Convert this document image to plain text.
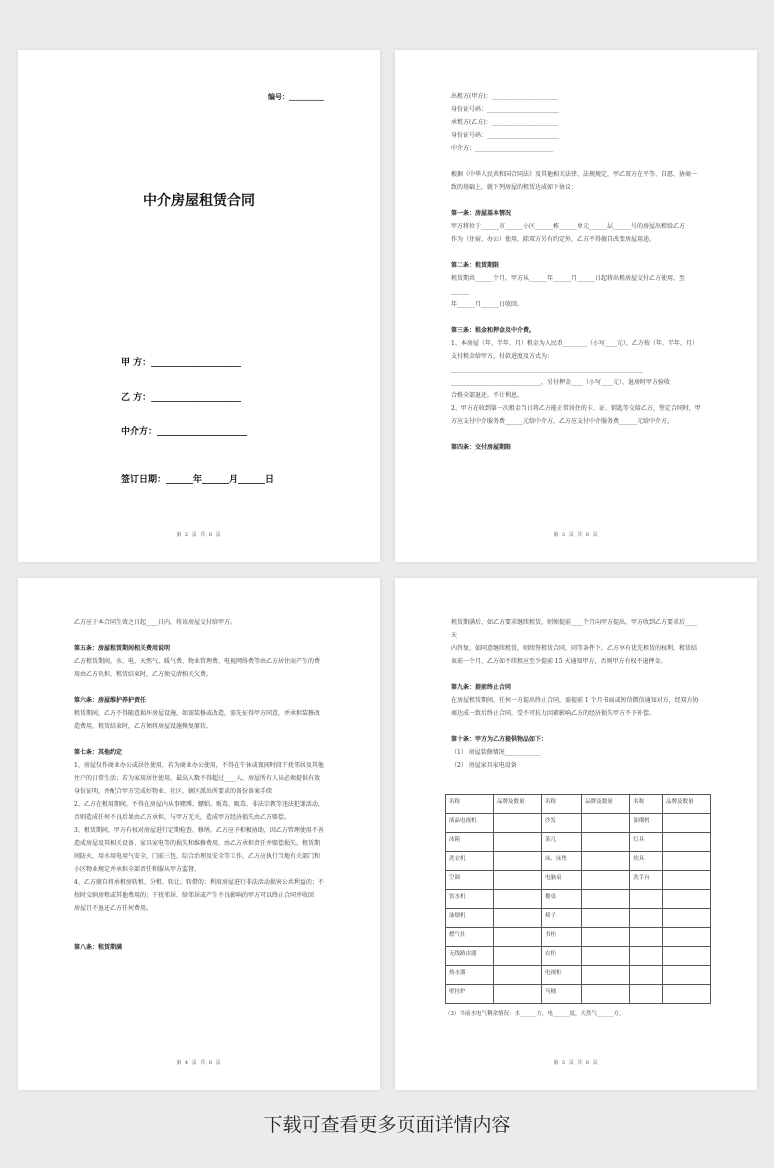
编号：__________
中介房屋租赁合同
甲 方：____________________
乙 方：____________________
中介方：____________________
签订日期：______年______月______日
第 2 页 共 6 页
出租方(甲方)：______________________
身份证号码：________________________
承租方(乙方)：______________________
身份证号码：________________________
中介方：__________________________
根据《中华人民共和国合同法》及其他相关法律、法规规定，甲乙双方在平等、自愿、协商一
致的基础上，就下列房屋的租赁达成如下协议：
第一条：房屋基本情况
甲方将位于______市______小区______栋______单元______层______号的房屋出租给乙方
作为（住宿、办公）使用，除双方另有约定外，乙方不得擅自改变房屋用途。
第二条：租赁期限
租赁期共______个月，甲方从______年______月______日起将出租房屋交付乙方使用，至______
年______月______日收回。
第三条：租金和押金及中介费。
1、本房屋（年、半年、月）租金为人民币________（小写____元），乙方按（年、半年、月）
支付租金给甲方，付款进度及方式为：
________________________________________________________________
______________________________，另付押金____（小写____元），退房时甲方验收
合格全部退还，不计利息。
2、甲方在收到第一次租金当日将乙方能正常居住的卡、证、钥匙等交给乙方，签定合同时，甲
方应支付中介服务费______元给中介方，乙方应支付中介服务费______元给中介方。
第四条：交付房屋期限
第 3 页 共 6 页
乙方应于本合同生效之日起____日内，将该房屋交付给甲方。
第五条：房屋租赁期间相关费用说明
乙方租赁期间，水、电、天然气、暖气费、物业管理费、电视网络费等由乙方居住而产生的费
用由乙方负担，租赁结束时，乙方须交清相关欠费。
第六条：房屋维护养护责任
租赁期间，乙方不得随意损坏房屋设施，如需装修或改造，需先征得甲方同意，并承担装修改
造费用，租赁结束时，乙方须将房屋设施恢复原状。
第七条：其他约定
1、房屋仅作商业办公或居住使用，若为商业办公使用，不得在午休或夜间时段干扰邻居及其他
住户的日常生活；若为家用居住使用，最高人数不得超过____人，房屋所有人员必须提供有效
身份证明，并配合甲方完成好物业、社区、辖区派出所要求的备份备案手续
2、乙方在租用期间，不得在房屋内从事赌博、嫖娼、贩毒、吸毒、非法宗教等违法犯罪活动，
否则造成任何不良后果由乙方承担，与甲方无关，造成甲方经济损失由乙方赔偿。
3、租赁期间，甲方有权对房屋进行定期检查、修缮，乙方应予积极协助，因乙方管理使用不善
造成房屋及其相关设备、家具家电等的损失和维修费用，由乙方承担责任并赔偿损失。租赁期
间防火、用水用电用气安全，门前三包，综合治理及安全等工作，乙方应执行当地有关部门和
小区物业规定并承担全部责任和服从甲方监督。
4、乙方擅自将承租房转租、分租、转让、转借的；利用房屋进行非法活动损害公共利益的；不
按时交纳房租或其他费用的；干扰邻居、给邻居或产生不良影响的甲方可以终止合同并收回
房屋且不退还乙方任何费用。
第八条：租赁期满
第 4 页 共 6 页
租赁期满后，如乙方要求继续租赁，则须提前____个月向甲方提出，甲方收到乙方要求后____天
内答复。如同意继续租赁，则续签租赁合同，同等条件下，乙方享有优先租赁的权利，租赁结
束前一个月，乙方如不续租应至少提前 15 天通知甲方，否则甲方有权不退押金。
第九条：提前终止合同
在房屋租赁期间，任何一方提出终止合同，需提前 1 个月书面或短信微信通知对方，经双方协
商达成一致后终止合同，受不可抗力因素影响乙方的经济损失甲方不予补偿。
第十条：甲方为乙方提供物品如下：
（1） 房屋装修情况____________
（2） 房屋家具家电设备
名称	品牌及数量	名称	品牌及数量	名称	品牌及数量
液晶电视机		沙发		油烟机	
冰箱		茶几		灯具	
洗衣机		床、床垫		炊具	
空调		电脑桌		洗手台	
饮水机		餐桌			
油烟机		椅子			
燃气灶		书柜			
无线路由器		衣柜			
热水器		电视柜			
壁挂炉		马桶			
（3）当前水电气剩余情况：水______方，电______度，天然气______方。
第 5 页 共 6 页
下载可查看更多页面详情内容
